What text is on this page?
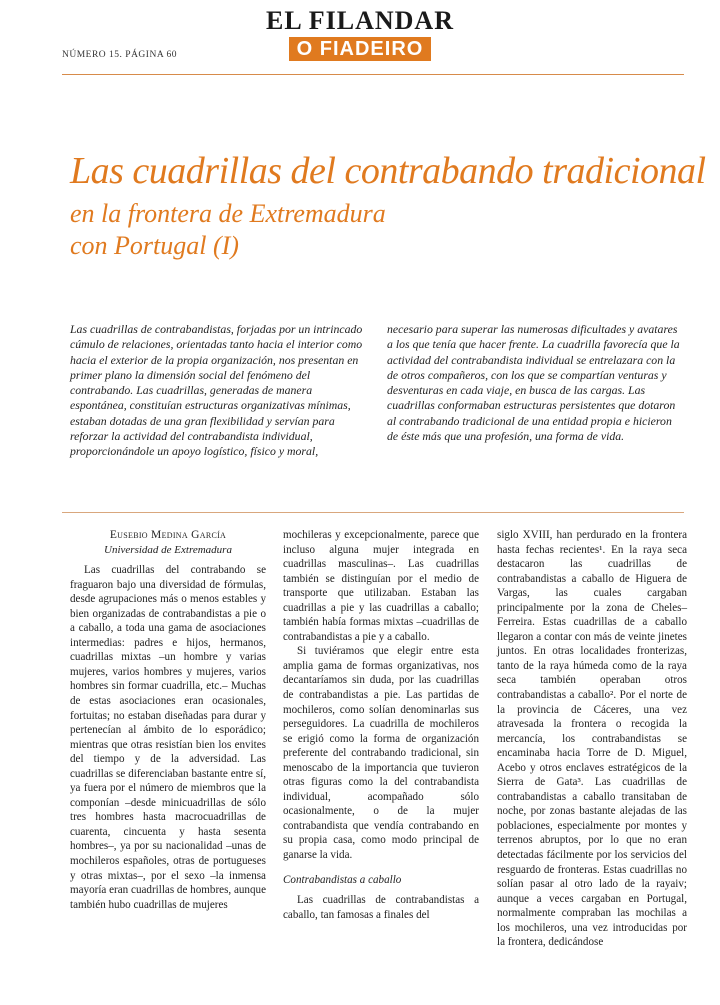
EL FILANDAR
O FIADEIRO
NÚMERO 15. PÁGINA 60
Las cuadrillas del contrabando tradicional
en la frontera de Extremadura
con Portugal (I)

Las cuadrillas de contrabandistas, forjadas por un intrincado cúmulo de relaciones, orientadas tanto hacia el interior como hacia el exterior de la propia organización, nos presentan en primer plano la dimensión social del fenómeno del contrabando. Las cuadrillas, generadas de manera espontánea, constituían estructuras organizativas mínimas, estaban dotadas de una gran flexibilidad y servían para reforzar la actividad del contrabandista individual, proporcionándole un apoyo logístico, físico y moral, necesario para superar las numerosas dificultades y avatares a los que tenía que hacer frente. La cuadrilla favorecía que la actividad del contrabandista individual se entrelazara con la de otros compañeros, con los que se compartían venturas y desventuras en cada viaje, en busca de las cargas. Las cuadrillas conformaban estructuras persistentes que dotaron al contrabando tradicional de una entidad propia e hicieron de éste más que una profesión, una forma de vida.

Eusebio Medina García
Universidad de Extremadura

Las cuadrillas del contrabando se fraguaron bajo una diversidad de fórmulas, desde agrupaciones más o menos estables y bien organizadas de contrabandistas a pie o a caballo, a toda una gama de asociaciones intermedias: padres e hijos, hermanos, cuadrillas mixtas –un hombre y varias mujeres, varios hombres y mujeres, varios hombres sin formar cuadrilla, etc.– Muchas de estas asociaciones eran ocasionales, fortuitas; no estaban diseñadas para durar y pertenecían al ámbito de lo esporádico; mientras que otras resistían bien los envites del tiempo y de la adversidad. Las cuadrillas se diferenciaban bastante entre sí, ya fuera por el número de miembros que la componían –desde minicuadrillas de sólo tres hombres hasta macrocuadrillas de cuarenta, cincuenta y hasta sesenta hombres–, ya por su nacionalidad –unas de mochileros españoles, otras de portugueses y otras mixtas–, por el sexo –la inmensa mayoría eran cuadrillas de hombres, aunque también hubo cuadrillas de mujeres

mochileras y excepcionalmente, parece que incluso alguna mujer integrada en cuadrillas masculinas–. Las cuadrillas también se distinguían por el medio de transporte que utilizaban. Estaban las cuadrillas a pie y las cuadrillas a caballo; también había formas mixtas –cuadrillas de contrabandistas a pie y a caballo.

Si tuviéramos que elegir entre esta amplia gama de formas organizativas, nos decantaríamos sin duda, por las cuadrillas de contrabandistas a pie. Las partidas de mochileros, como solían denominarlas sus perseguidores. La cuadrilla de mochileros se erigió como la forma de organización preferente del contrabando tradicional, sin menoscabo de la importancia que tuvieron otras figuras como la del contrabandista individual, acompañado sólo ocasionalmente, o de la mujer contrabandista que vendía contrabando en su propia casa, como modo principal de ganarse la vida.

Contrabandistas a caballo

Las cuadrillas de contrabandistas a caballo, tan famosas a finales del

siglo XVIII, han perdurado en la frontera hasta fechas recientes¹. En la raya seca destacaron las cuadrillas de contrabandistas a caballo de Higuera de Vargas, las cuales cargaban principalmente por la zona de Cheles–Ferreira. Estas cuadrillas de a caballo llegaron a contar con más de veinte jinetes juntos. En otras localidades fronterizas, tanto de la raya húmeda como de la raya seca también operaban otros contrabandistas a caballo². Por el norte de la provincia de Cáceres, una vez atravesada la frontera o recogida la mercancía, los contrabandistas se encaminaba hacia Torre de D. Miguel, Acebo y otros enclaves estratégicos de la Sierra de Gata³. Las cuadrillas de contrabandistas a caballo transitaban de noche, por zonas bastante alejadas de las poblaciones, especialmente por montes y terrenos abruptos, por lo que no eran detectadas fácilmente por los servicios del resguardo de fronteras. Estas cuadrillas no solían pasar al otro lado de la rayaiv; aunque a veces cargaban en Portugal, normalmente compraban las mochilas a los mochileros, una vez introducidas por la frontera, dedicándose
